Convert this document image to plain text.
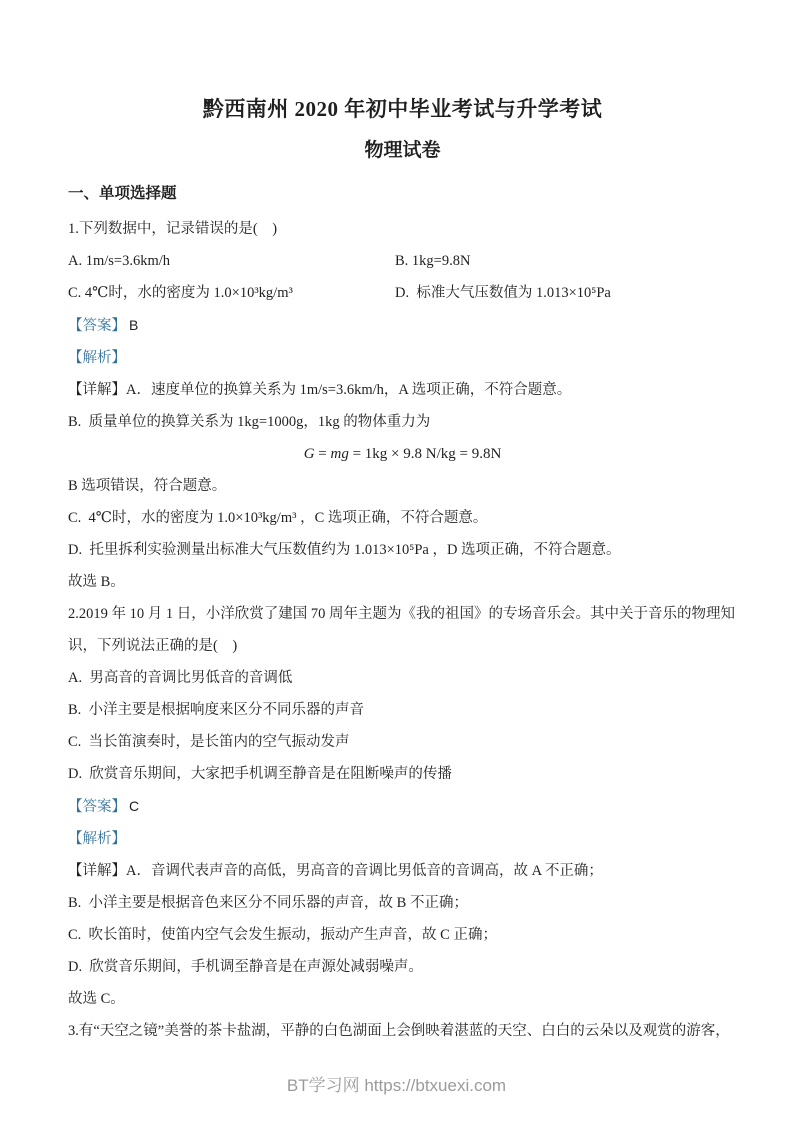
黔西南州 2020 年初中毕业考试与升学考试
物理试卷
一、单项选择题

1.下列数据中，记录错误的是(    )

A. 1m/s=3.6km/h	B. 1kg=9.8N
C. 4℃时，水的密度为 1.0×10³kg/m³	D.  标准大气压数值为 1.013×10⁵Pa

【答案】 B

【解析】

【详解】A．速度单位的换算关系为 1m/s=3.6km/h，A 选项正确，不符合题意。

B.  质量单位的换算关系为 1kg=1000g，1kg 的物体重力为

G = mg = 1kg × 9.8 N/kg = 9.8N

B 选项错误，符合题意。

C.  4℃时，水的密度为 1.0×10³kg/m³ ，C 选项正确，不符合题意。

D.  托里拆利实验测量出标准大气压数值约为 1.013×10⁵Pa ，D 选项正确，不符合题意。

故选 B。

2.2019 年 10 月 1 日，小洋欣赏了建国 70 周年主题为《我的祖国》的专场音乐会。其中关于音乐的物理知识，下列说法正确的是(    )

A.  男高音的音调比男低音的音调低

B.  小洋主要是根据响度来区分不同乐器的声音

C.  当长笛演奏时，是长笛内的空气振动发声

D.  欣赏音乐期间，大家把手机调至静音是在阻断噪声的传播

【答案】 C

【解析】

【详解】A．音调代表声音的高低，男高音的音调比男低音的音调高，故 A 不正确；

B.  小洋主要是根据音色来区分不同乐器的声音，故 B 不正确；

C.  吹长笛时，使笛内空气会发生振动，振动产生声音，故 C 正确；

D.  欣赏音乐期间，手机调至静音是在声源处减弱噪声。

故选 C。

3.有“天空之镜”美誉的茶卡盐湖，平静的白色湖面上会倒映着湛蓝的天空、白白的云朵以及观赏的游客，

BT学习网 https://btxuexi.com
